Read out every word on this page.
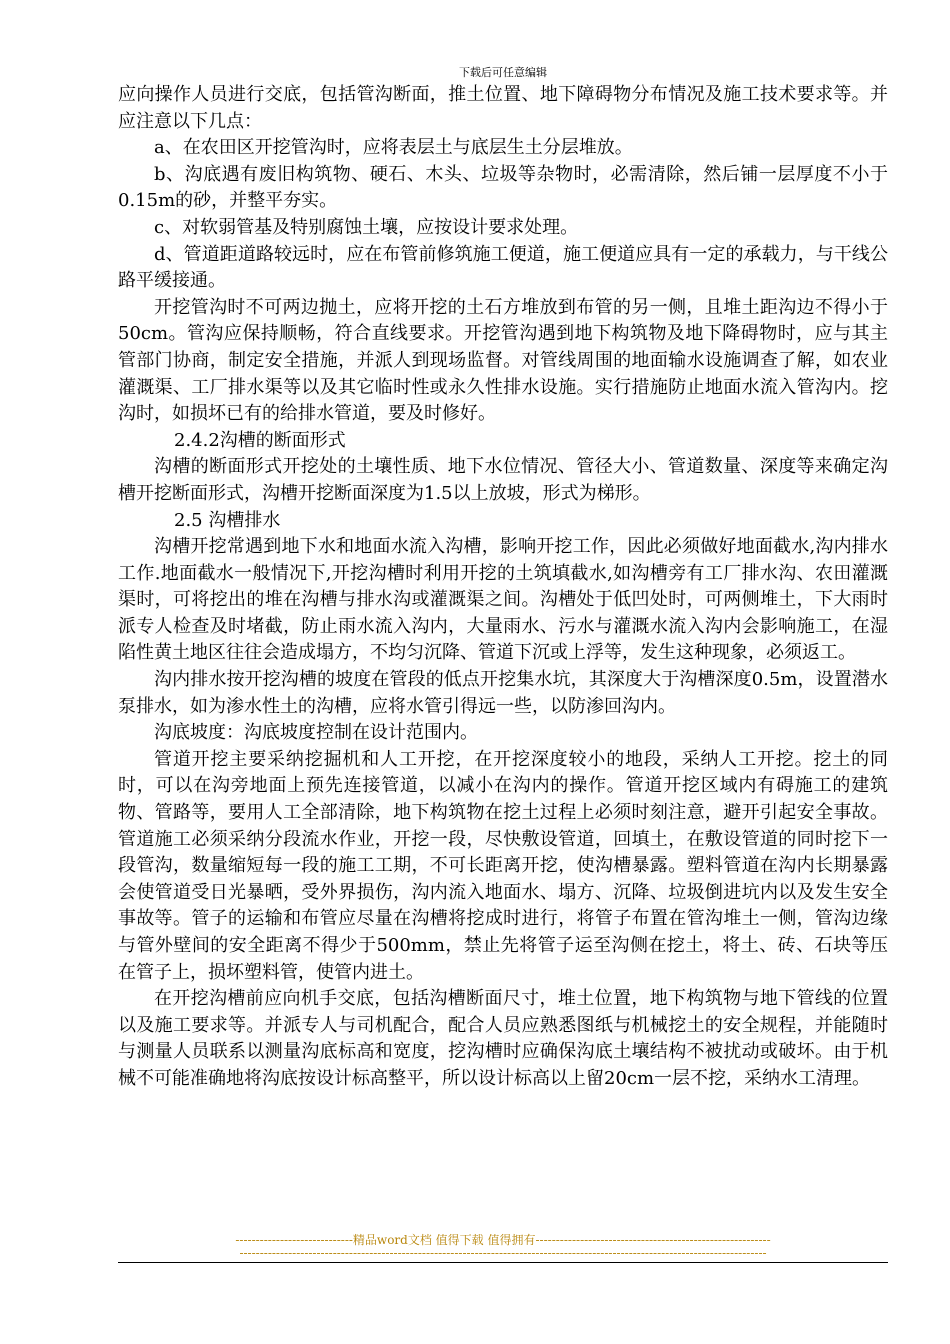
下载后可任意编辑

应向操作人员进行交底，包括管沟断面，推土位置、地下障碍物分布情况及施工技术要求等。并应注意以下几点：

a、在农田区开挖管沟时，应将表层土与底层生土分层堆放。

b、沟底遇有废旧构筑物、硬石、木头、垃圾等杂物时，必需清除，然后铺一层厚度不小于0.15m的砂，并整平夯实。

c、对软弱管基及特别腐蚀土壤，应按设计要求处理。

d、管道距道路较远时，应在布管前修筑施工便道，施工便道应具有一定的承载力，与干线公路平缓接通。

开挖管沟时不可两边抛土，应将开挖的土石方堆放到布管的另一侧，且堆土距沟边不得小于50cm。管沟应保持顺畅，符合直线要求。开挖管沟遇到地下构筑物及地下降碍物时，应与其主管部门协商，制定安全措施，并派人到现场监督。对管线周围的地面输水设施调查了解，如农业灌溉渠、工厂排水渠等以及其它临时性或永久性排水设施。实行措施防止地面水流入管沟内。挖沟时，如损坏已有的给排水管道，要及时修好。

2.4.2沟槽的断面形式

沟槽的断面形式开挖处的土壤性质、地下水位情况、管径大小、管道数量、深度等来确定沟槽开挖断面形式，沟槽开挖断面深度为1.5以上放坡，形式为梯形。

2.5 沟槽排水

沟槽开挖常遇到地下水和地面水流入沟槽，影响开挖工作，因此必须做好地面截水,沟内排水工作.地面截水一般情况下,开挖沟槽时利用开挖的土筑填截水,如沟槽旁有工厂排水沟、农田灌溉渠时，可将挖出的堆在沟槽与排水沟或灌溉渠之间。沟槽处于低凹处时，可两侧堆土，下大雨时派专人检查及时堵截，防止雨水流入沟内，大量雨水、污水与灌溉水流入沟内会影响施工，在湿陷性黄土地区往往会造成塌方，不均匀沉降、管道下沉或上浮等，发生这种现象，必须返工。

沟内排水按开挖沟槽的坡度在管段的低点开挖集水坑，其深度大于沟槽深度0.5m，设置潜水泵排水，如为渗水性土的沟槽，应将水管引得远一些，以防渗回沟内。

沟底坡度：沟底坡度控制在设计范围内。

管道开挖主要采纳挖掘机和人工开挖，在开挖深度较小的地段，采纳人工开挖。挖土的同时，可以在沟旁地面上预先连接管道，以减小在沟内的操作。管道开挖区域内有碍施工的建筑物、管路等，要用人工全部清除，地下构筑物在挖土过程上必须时刻注意，避开引起安全事故。管道施工必须采纳分段流水作业，开挖一段，尽快敷设管道，回填土，在敷设管道的同时挖下一段管沟，数量缩短每一段的施工工期，不可长距离开挖，使沟槽暴露。塑料管道在沟内长期暴露会使管道受日光暴晒，受外界损伤，沟内流入地面水、塌方、沉降、垃圾倒进坑内以及发生安全事故等。管子的运输和布管应尽量在沟槽将挖成时进行，将管子布置在管沟堆土一侧，管沟边缘与管外壁间的安全距离不得少于500mm，禁止先将管子运至沟侧在挖土，将土、砖、石块等压在管子上，损坏塑料管，使管内进土。

在开挖沟槽前应向机手交底，包括沟槽断面尺寸，堆土位置，地下构筑物与地下管线的位置以及施工要求等。并派专人与司机配合，配合人员应熟悉图纸与机械挖土的安全规程，并能随时与测量人员联系以测量沟底标高和宽度，挖沟槽时应确保沟底土壤结构不被扰动或破坏。由于机械不可能准确地将沟底按设计标高整平，所以设计标高以上留20cm一层不挖，采纳水工清理。

-----------------------------精品word文档 值得下载 值得拥有----------------------------------------------------------
----------------------------------------------------------------------------------------------------------------------------------
